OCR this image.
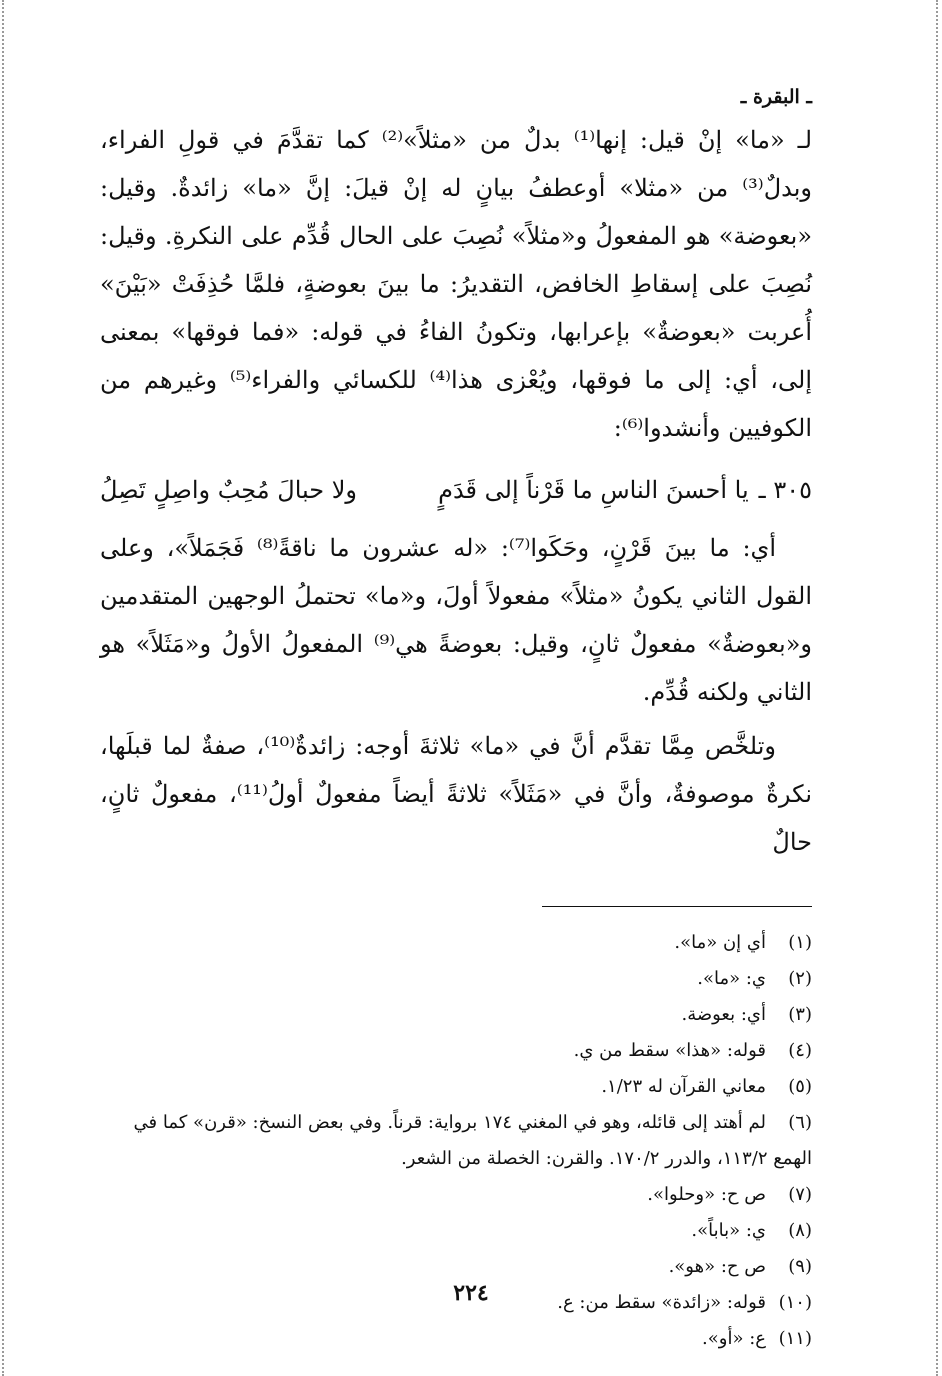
ـ البقرة ـ

لـ «ما» إنْ قيل: إنها⁽¹⁾ بدلٌ من «مثلاً»⁽²⁾ كما تقدَّمَ في قولِ الفراء، وبدلٌ⁽³⁾ من «مثلا» أوعطفُ بيانٍ له إنْ قيلَ: إنَّ «ما» زائدةٌ. وقيل: «بعوضة» هو المفعولُ و«مثلاً» نُصِبَ على الحال قُدِّم على النكرةِ. وقيل: نُصِبَ على إسقاطِ الخافض، التقديرُ: ما بينَ بعوضةٍ، فلمَّا حُذِفَتْ «بَيْنَ» أُعربت «بعوضةٌ» بإعرابها، وتكونُ الفاءُ في قوله: «فما فوقها» بمعنى إلى، أي: إلى ما فوقها، ويُعْزى هذا⁽⁴⁾ للكسائي والفراء⁽⁵⁾ وغيرهم من الكوفيين وأنشدوا⁽⁶⁾:

٣٠٥ ـ
يا أحسنَ الناسِ ما قَرْناً إلى قَدَمٍ
ولا حبالَ مُحِبٌ واصِلٍ تَصِلُ

أي: ما بينَ قَرْنٍ، وحَكَوا⁽⁷⁾: «له عشرون ما ناقةً⁽⁸⁾ فَجَمَلاً»، وعلى القول الثاني يكونُ «مثلاً» مفعولاً أولَ، و«ما» تحتملُ الوجهين المتقدمين و«بعوضةٌ» مفعولٌ ثانٍ، وقيل: بعوضةً هي⁽⁹⁾ المفعولُ الأولُ و«مَثَلاً» هو الثاني ولكنه قُدِّم.

وتلخَّص مِمَّا تقدَّم أنَّ في «ما» ثلاثةَ أوجه: زائدةٌ⁽¹⁰⁾، صفةٌ لما قبلَها، نكرةٌ موصوفةٌ، وأنَّ في «مَثَلاً» ثلاثةً أيضاً مفعولٌ أولُ⁽¹¹⁾، مفعولٌ ثانٍ، حالٌ

(١)
أي إن «ما».
(٢)
ي: «ما».
(٣)
أي: بعوضة.
(٤)
قوله: «هذا» سقط من ي.
(٥)
معاني القرآن له ١/٢٣.
(٦)
لم أهتد إلى قائله، وهو في المغني ١٧٤ برواية: قرناً. وفي بعض النسخ: «قرن» كما في
الهمع ١١٣/٢، والدرر ١٧٠/٢. والقرن: الخصلة من الشعر.
(٧)
ص ح: «وحلوا».
(٨)
ي: «باباً».
(٩)
ص ح: «هو».
(١٠)
قوله: «زائدة» سقط من: ع.
(١١)
ع: «أو».
٢٢٤
